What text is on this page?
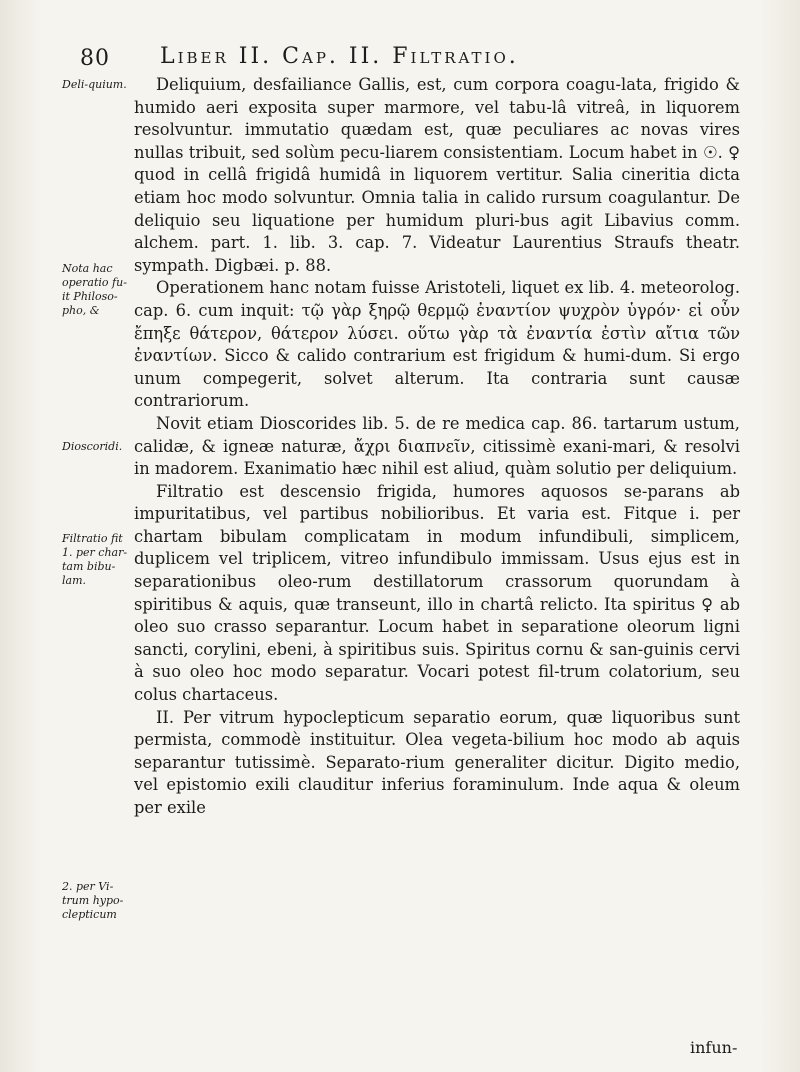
80 Liber II. Cap. II. Filtratio.
Deli-quium.
Nota hac operatio fu-it Philoso-pho, &
Dioscoridi.
Filtratio fit 1. per char-tam bibu-lam.
2. per Vi-trum hypo-clepticum

Deliquium, desfailiance Gallis, est, cum corpora coagu-lata, frigido & humido aeri exposita super marmore, vel tabu-lâ vitreâ, in liquorem resolvuntur. immutatio quædam est, quæ peculiares ac novas vires nullas tribuit, sed solùm pecu-liarem consistentiam. Locum habet in ☉. ♀ quod in cellâ frigidâ humidâ in liquorem vertitur. Salia cineritia dicta etiam hoc modo solvuntur. Omnia talia in calido rursum coagulantur. De deliquio seu liquatione per humidum pluri-bus agit Libavius comm. alchem. part. 1. lib. 3. cap. 7. Videatur Laurentius Straufs theatr. sympath. Digbæi. p. 88.

Operationem hanc notam fuisse Aristoteli, liquet ex lib. 4. meteorolog. cap. 6. cum inquit: τῷ γὰρ ξηρῷ θερμῷ ἐναντίον ψυχρὸν ὑγρόν· εἰ οὖν ἔπηξε θάτερον, θάτερον λύσει. οὕτω γὰρ τὰ ἐναντία ἐστὶν αἴτια τῶν ἐναντίων. Sicco & calido contrarium est frigidum & humi-dum. Si ergo unum compegerit, solvet alterum. Ita contraria sunt causæ contrariorum.

Novit etiam Dioscorides lib. 5. de re medica cap. 86. tartarum ustum, calidæ, & igneæ naturæ, ἄχρι διαπνεῖν, citissimè exani-mari, & resolvi in madorem. Exanimatio hæc nihil est aliud, quàm solutio per deliquium.

Filtratio est descensio frigida, humores aquosos se-parans ab impuritatibus, vel partibus nobilioribus. Et varia est. Fitque i. per chartam bibulam complicatam in modum infundibuli, simplicem, duplicem vel triplicem, vitreo infundibulo immissam. Usus ejus est in separationibus oleo-rum destillatorum crassorum quorundam à spiritibus & aquis, quæ transeunt, illo in chartâ relicto. Ita spiritus ♀ ab oleo suo crasso separantur. Locum habet in separatione oleorum ligni sancti, corylini, ebeni, à spiritibus suis. Spiritus cornu & san-guinis cervi à suo oleo hoc modo separatur. Vocari potest fil-trum colatorium, seu colus chartaceus.

II. Per vitrum hypoclepticum separatio eorum, quæ liquoribus sunt permista, commodè instituitur. Olea vegeta-bilium hoc modo ab aquis separantur tutissimè. Separato-rium generaliter dicitur. Digito medio, vel epistomio exili clauditur inferius foraminulum. Inde aqua & oleum per exile

infun-
